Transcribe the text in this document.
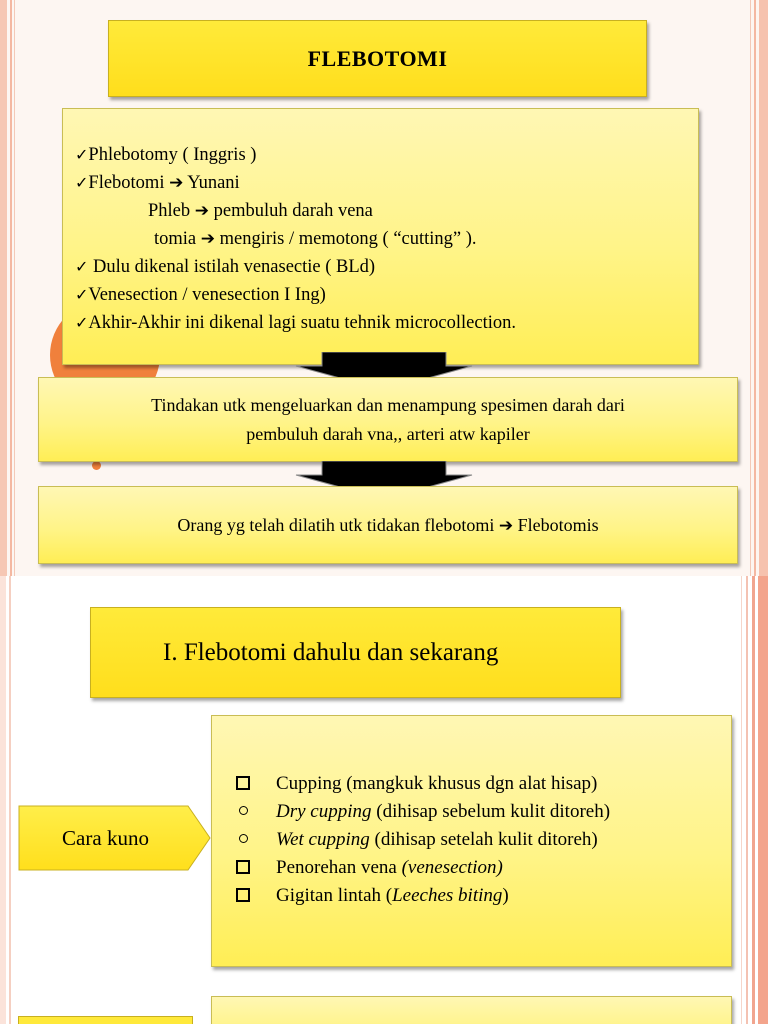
FLEBOTOMI
✓Phlebotomy ( Inggris )
✓Flebotomi ➔ Yunani
Phleb ➔ pembuluh darah vena
tomia ➔ mengiris / memotong ( “cutting” ).
✓ Dulu dikenal istilah venasectie ( BLd)
✓Venesection / venesection I Ing)
✓Akhir-Akhir ini dikenal lagi suatu tehnik microcollection.
Tindakan utk mengeluarkan dan menampung spesimen darah dari
pembuluh darah vna,, arteri atw kapiler
Orang yg telah dilatih utk tidakan flebotomi ➔ Flebotomis
I. Flebotomi dahulu dan sekarang
Cupping (mangkuk khusus dgn alat hisap)
Dry cupping (dihisap sebelum kulit ditoreh)
Wet cupping (dihisap setelah kulit ditoreh)
Penorehan vena (venesection)
Gigitan lintah (Leeches biting)
Cara kuno
